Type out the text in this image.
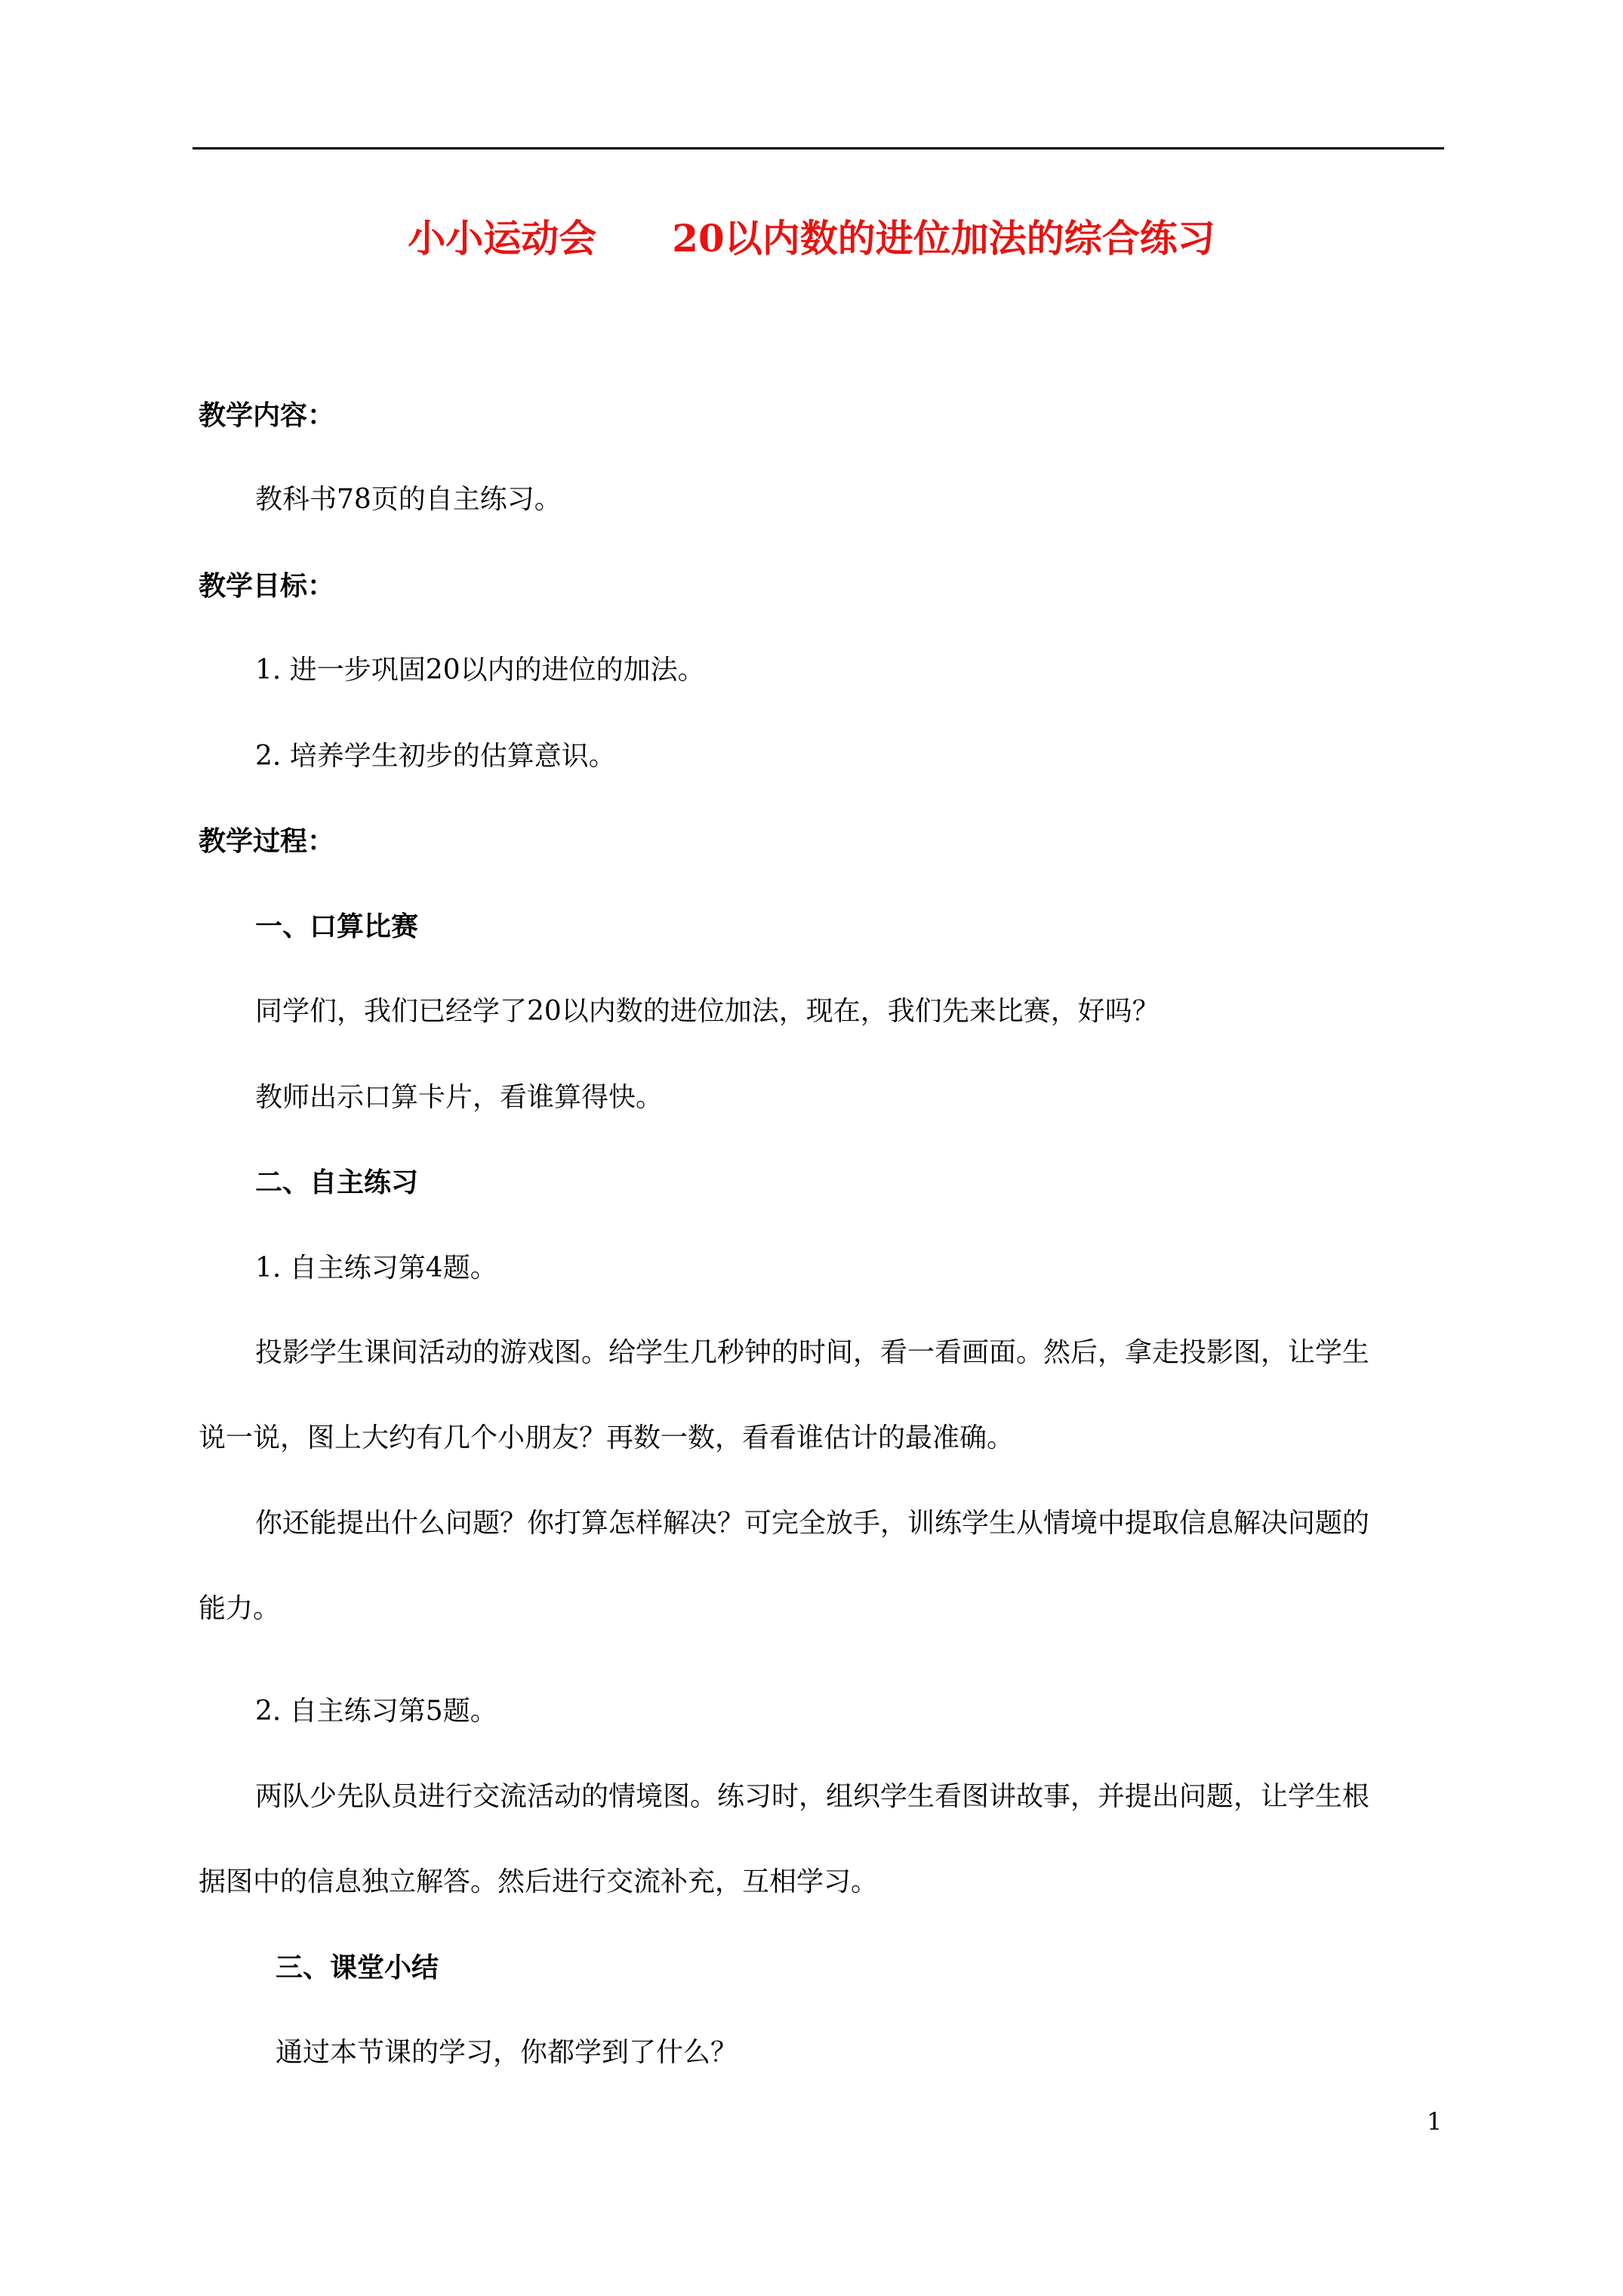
小小运动会 20以内数的进位加法的综合练习
教学内容：
教科书78页的自主练习。
教学目标：
1. 进一步巩固20以内的进位的加法。
2. 培养学生初步的估算意识。
教学过程：
一、口算比赛
同学们，我们已经学了20以内数的进位加法，现在，我们先来比赛，好吗？
教师出示口算卡片，看谁算得快。
二、自主练习
1. 自主练习第4题。
投影学生课间活动的游戏图。给学生几秒钟的时间，看一看画面。然后，拿走投影图，让学生
说一说，图上大约有几个小朋友？再数一数，看看谁估计的最准确。
你还能提出什么问题？你打算怎样解决？可完全放手，训练学生从情境中提取信息解决问题的
能力。
2. 自主练习第5题。
两队少先队员进行交流活动的情境图。练习时，组织学生看图讲故事，并提出问题，让学生根
据图中的信息独立解答。然后进行交流补充，互相学习。
三、课堂小结
通过本节课的学习，你都学到了什么？
1
